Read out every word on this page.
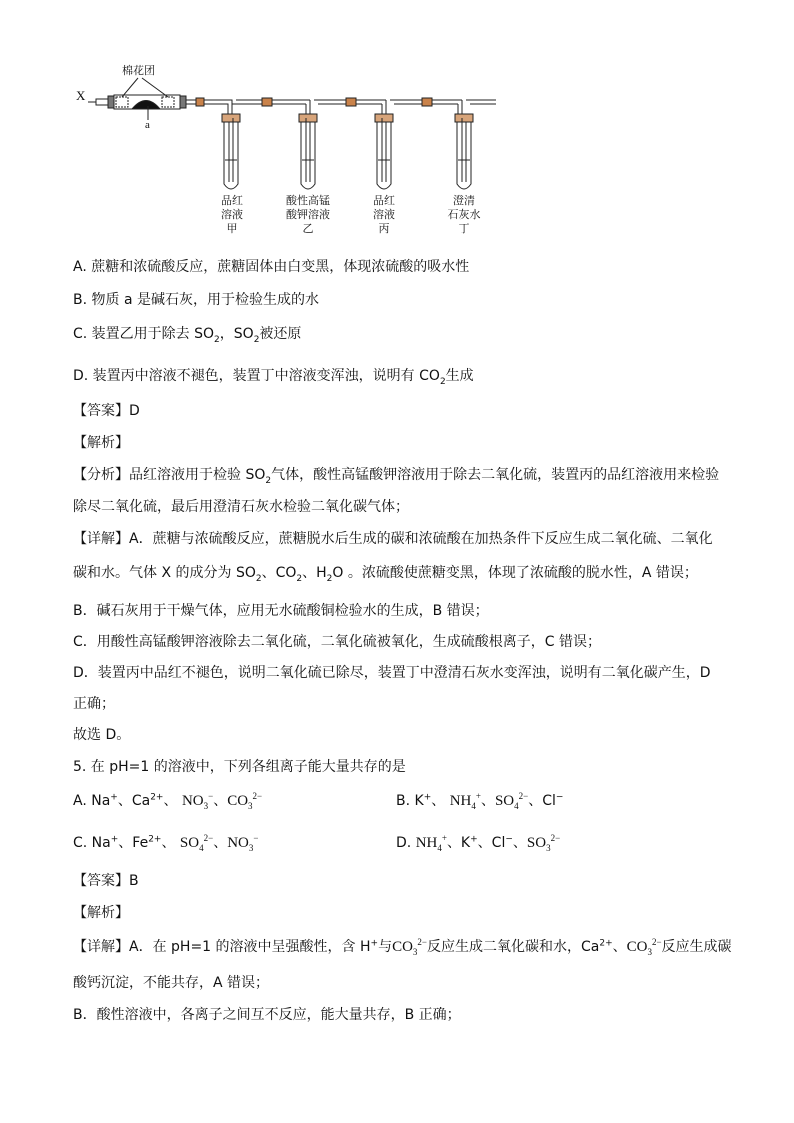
X
棉花团
a
品红
溶液
甲
酸性高锰
酸钾溶液
乙
品红
溶液
丙
澄清
石灰水
丁
A. 蔗糖和浓硫酸反应，蔗糖固体由白变黑，体现浓硫酸的吸水性
B. 物质 a 是碱石灰，用于检验生成的水
C. 装置乙用于除去 $SO_2$，$SO_2$被还原
D. 装置丙中溶液不褪色，装置丁中溶液变浑浊，说明有 $CO_2$生成
【答案】D
【解析】
【分析】品红溶液用于检验 $SO_2$气体，酸性高锰酸钾溶液用于除去二氧化硫，装置丙的品红溶液用来检验
除尽二氧化硫，最后用澄清石灰水检验二氧化碳气体；
【详解】A．蔗糖与浓硫酸反应，蔗糖脱水后生成的碳和浓硫酸在加热条件下反应生成二氧化硫、二氧化
碳和水。气体 X 的成分为 $SO_2$、$CO_2$、$H_2O$ 。浓硫酸使蔗糖变黑，体现了浓硫酸的脱水性，A 错误；
B．碱石灰用于干燥气体，应用无水硫酸铜检验水的生成，B 错误；
C．用酸性高锰酸钾溶液除去二氧化硫，二氧化硫被氧化，生成硫酸根离子，C 错误；
D．装置丙中品红不褪色，说明二氧化硫已除尽，装置丁中澄清石灰水变浑浊，说明有二氧化碳产生，D
正确；
故选 D。
5. 在 pH=1 的溶液中，下列各组离子能大量共存的是
A. Na+、$Ca^{2+}$、 $NO_3^-$、$CO_3^{2-}$	B. K+、 $NH_4^+$、$SO_4^{2-}$、Cl−
C. Na+、$Fe^{2+}$、 $SO_4^{2-}$、$NO_3^-$	D. $NH_4^+$、K+、Cl−、$SO_3^{2-}$
【答案】B
【解析】
【详解】A．在 pH=1 的溶液中呈强酸性，含 H+与$CO_3^{2-}$反应生成二氧化碳和水，$Ca^{2+}$、$CO_3^{2-}$反应生成碳
酸钙沉淀，不能共存，A 错误；
B．酸性溶液中，各离子之间互不反应，能大量共存，B 正确；
